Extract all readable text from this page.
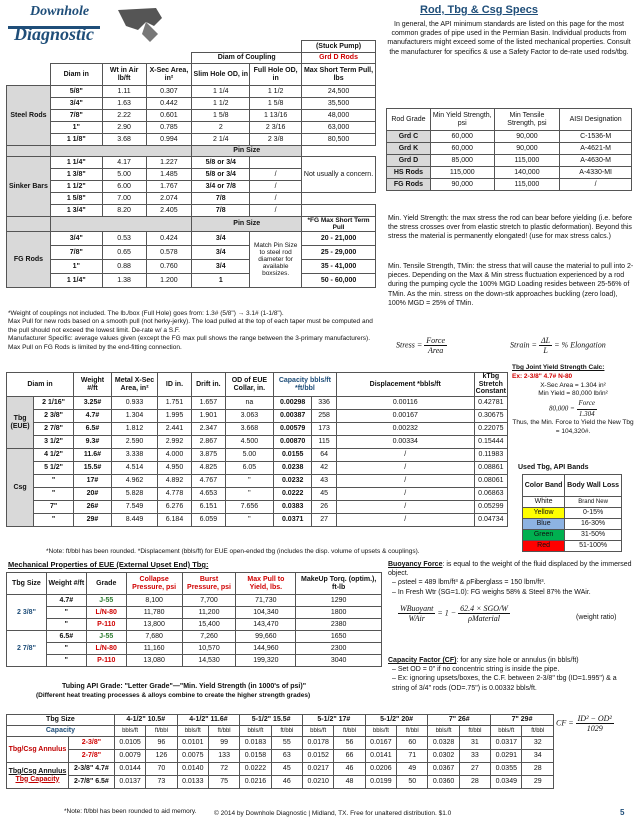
Downhole
Diagnostic
Rod, Tbg & Csg Specs
In general, the API minimum standards are listed on this page for the most common grades of pipe used in the Permian Basin. Individual products from manufacturers might exceed some of the listed mechanical properties. Consult the manufacturer for specifics & use a Safety Factor to de-rate used rods/tbg.
						(Stuck Pump)
				Diam of Coupling		Grd D Rods
	Diam in	Wt in Air lb/ft	X-Sec Area, in²	Slim Hole OD, in	Full Hole OD, in	Max Short Term Pull, lbs
Steel Rods	5/8"	1.11	0.307	1 1/4	1 1/2	24,500
	3/4"	1.63	0.442	1 1/2	1 5/8	35,500
	7/8"	2.22	0.601	1 5/8	1 13/16	48,000
	1"	2.90	0.785	2	2 3/16	63,000
	1 1/8"	3.68	0.994	2 1/4	2 3/8	80,500
				Pin Size		
Sinker Bars	1 1/4"	4.17	1.227	5/8 or 3/4		Not usually a concern.
	1 3/8"	5.00	1.485	5/8 or 3/4	/	
	1 1/2"	6.00	1.767	3/4 or 7/8	/	
	1 5/8"	7.00	2.074	7/8	/	
	1 3/4"	8.20	2.405	7/8	/	
				Pin Size		*FG Max Short Term Pull
FG Rods	3/4"	0.53	0.424	3/4	Match Pin Size to steel rod diameter for available boxsizes.	20 - 21,000
	7/8"	0.65	0.578	3/4		25 - 29,000
	1"	0.88	0.760	3/4		35 - 41,000
	1 1/4"	1.38	1.200	1		50 - 60,000
*Weight of couplings not included. The lb./box (Full Hole) goes from: 1.3# (5/8") → 3.1# (1-1/8").
Max Pull for new rods based on a smooth pull (not herky-jerky). The load pulled at the top of each taper must be computed and the pull should not exceed the lowest limit. De-rate w/ a S.F.
Manufacturer Specific: average values given (except the FG max pull shows the range between the 3-primary manufacturers). Max Pull on FG Rods is limited by the end-fitting connection.
Rod Grade	Min Yield Strength, psi	Min Tensile Strength, psi	AISI Designation
Grd C	60,000	90,000	C-1536-M
Grd K	60,000	90,000	A-4621-M
Grd D	85,000	115,000	A-4630-M
HS Rods	115,000	140,000	A-4330-MI
FG Rods	90,000	115,000	/
Min. Yield Strength: the max stress the rod can bear before yielding (i.e. before the stress crosses over from elastic stretch to plastic deformation). Beyond this stress the material is permanently elongated! (use for max stress calcs.)
Min. Tensile Strength, TMin: the stress that will cause the material to pull into 2-pieces. Depending on the Max & Min stress fluctuation experienced by a rod during the pumping cycle the 100% MGD Loading resides between 25-56% of TMin. As the min. stress on the down-stk approaches buckling (zero load), 100% MGD = 25% of TMin.
Stress = $\frac{\text{Force}}{\text{Area}}$	Strain = $\frac{\Delta L}{L}$ = % Elongation
Diam in		Weight #/ft	Metal X-Sec Area, in²	ID in.	Drift in.	OD of EUE Collar, in.	Capacity bbls/ft *ft/bbl		Displacement *bbls/ft	kTbg Stretch Constant
Tbg (EUE)	2 1/16"	3.25#	0.933	1.751	1.657	na	0.00298	336	0.00116	0.42781
	2 3/8"	4.7#	1.304	1.995	1.901	3.063	0.00387	258	0.00167	0.30675
	2 7/8"	6.5#	1.812	2.441	2.347	3.668	0.00579	173	0.00232	0.22075
	3 1/2"	9.3#	2.590	2.992	2.867	4.500	0.00870	115	0.00334	0.15444
Csg	4 1/2"	11.6#	3.338	4.000	3.875	5.00	0.0155	64	/	0.11983
	5 1/2"	15.5#	4.514	4.950	4.825	6.05	0.0238	42	/	0.08861
	"	17#	4.962	4.892	4.767	"	0.0232	43	/	0.08061
	"	20#	5.828	4.778	4.653	"	0.0222	45	/	0.06863
	7"	26#	7.549	6.276	6.151	7.656	0.0383	26	/	0.05299
	"	29#	8.449	6.184	6.059	"	0.0371	27	/	0.04734
*Note: ft/bbl has been rounded. *Displacement (bbls/ft) for EUE open-ended tbg (includes the disp. volume of upsets & couplings).
Tbg Joint Yield Strength Calc:
Ex: 2-3/8" 4.7# N-80
X-Sec Area = 1.304 in²
Min Yield = 80,000 lb/in²
$80,000 = \frac{\text{Force}}{1.304}$
Thus, the Min. Force to Yield the New Tbg = 104,320#.
Used Tbg, API Bands
Color Band	Body Wall Loss
White	Brand New
Yellow	0-15%
Blue	16-30%
Green	31-50%
Red	51-100%
Mechanical Properties of EUE (External Upset End) Tbg:
Tbg Size	Weight #/ft	Grade	Collapse Pressure, psi	Burst Pressure, psi	Max Pull to Yield, lbs.	MakeUp Torq. (optim.), ft-lb
2 3/8"	4.7#	J-55	8,100	7,700	71,730	1290
	"	L/N-80	11,780	11,200	104,340	1800
	"	P-110	13,800	15,400	143,470	2380
2 7/8"	6.5#	J-55	7,680	7,260	99,660	1650
	"	L/N-80	11,160	10,570	144,960	2300
	"	P-110	13,080	14,530	199,320	3040
Tubing API Grade: "Letter Grade"—"Min. Yield Strength (in 1000's of psi)"
(Different heat treating processes & alloys combine to create the higher strength grades)
Buoyancy Force: is equal to the weight of the fluid displaced by the immersed object.
– ρsteel = 489 lbm/ft³ & ρFiberglass = 150 lbm/ft³.
– In Fresh Wtr (SG=1.0): FG weighs 58% & Steel 87% the WAir.
$\frac{\text{WBuoyant}}{\text{WAir}} = 1 - \frac{\text{62.4 × SGO/W}}{\text{ρMaterial}}$	(weight ratio)
Capacity Factor (CF): for any size hole or annulus (in bbls/ft)
– Set OD = 0" if no concentric string is inside the pipe.
– Ex: ignoring upsets/boxes, the C.F. between 2-3/8" tbg (ID=1.995") & a string of 3/4" rods (OD=.75") is 0.00332 bbls/ft.
Tbg Size		4-1/2" 10.5#		4-1/2" 11.6#		5-1/2" 15.5#		5-1/2" 17#		5-1/2" 20#		7" 26#		7" 29#	
Capacity		bbls/ft	ft/bbl	bbls/ft	ft/bbl	bbls/ft	ft/bbl	bbls/ft	ft/bbl	bbls/ft	ft/bbl	bbls/ft	ft/bbl	bbls/ft	ft/bbl
Tbg/Csg Annulus	2-3/8"	0.0105	96	0.0101	99	0.0183	55	0.0178	56	0.0167	60	0.0328	31	0.0317	32
	2-7/8"	0.0079	126	0.0075	133	0.0158	63	0.0152	66	0.0141	71	0.0302	33	0.0291	34

Tbg/Csg Annulus
Tbg Capacity	2-3/8" 4.7#	0.0144	70	0.0140	72	0.0222	45	0.0217	46	0.0206	49	0.0367	27	0.0355	28
	2-7/8" 6.5#	0.0137	73	0.0133	75	0.0216	46	0.0210	48	0.0199	50	0.0360	28	0.0349	29
CF = $\frac{\text{ID² − OD²}}{1029}$
*Note: ft/bbl has been rounded to aid memory.	© 2014 by Downhole Diagnostic | Midland, TX. Free for unaltered distribution. $1.0	5
